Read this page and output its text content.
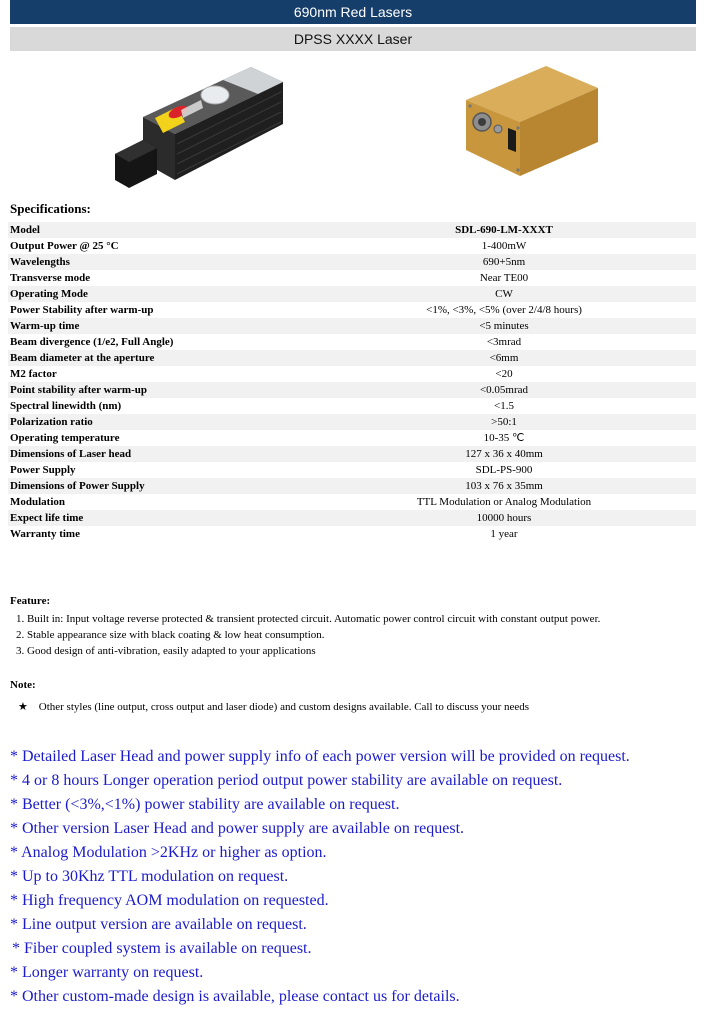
690nm Red Lasers
DPSS XXXX Laser
Specifications:
Model	SDL-690-LM-XXXT
Output Power @ 25 °C	1-400mW
Wavelengths	690+5nm
Transverse mode	Near TE00
Operating Mode	CW
Power Stability after warm-up	<1%, <3%, <5% (over 2/4/8 hours)
Warm-up time	<5 minutes
Beam divergence (1/e2, Full Angle)	<3mrad
Beam diameter at the aperture	<6mm
M2 factor	<20
Point stability after warm-up	<0.05mrad
Spectral linewidth (nm)	<1.5
Polarization ratio	>50:1
Operating temperature	10-35 ℃
Dimensions of Laser head	127 x 36 x 40mm
Power Supply	SDL-PS-900
Dimensions of Power Supply	103 x 76 x 35mm
Modulation	TTL Modulation or Analog Modulation
Expect life time	10000 hours
Warranty time	1 year
Feature:
1. Built in: Input voltage reverse protected & transient protected circuit. Automatic power control circuit with constant output power.
2. Stable appearance size with black coating & low heat consumption.
3. Good design of anti-vibration, easily adapted to your applications
Note:
★ Other styles (line output, cross output and laser diode) and custom designs available. Call to discuss your needs
* Detailed Laser Head and power supply info of each power version will be provided on request.
* 4 or 8 hours Longer operation period output power stability are available on request.
* Better (<3%,<1%) power stability are available on request.
* Other version Laser Head and power supply are available on request.
* Analog Modulation >2KHz or higher as option.
* Up to 30Khz TTL modulation on request.
* High frequency AOM modulation on requested.
* Line output version are available on request.
* Fiber coupled system is available on request.
* Longer warranty on request.
* Other custom-made design is available, please contact us for details.
